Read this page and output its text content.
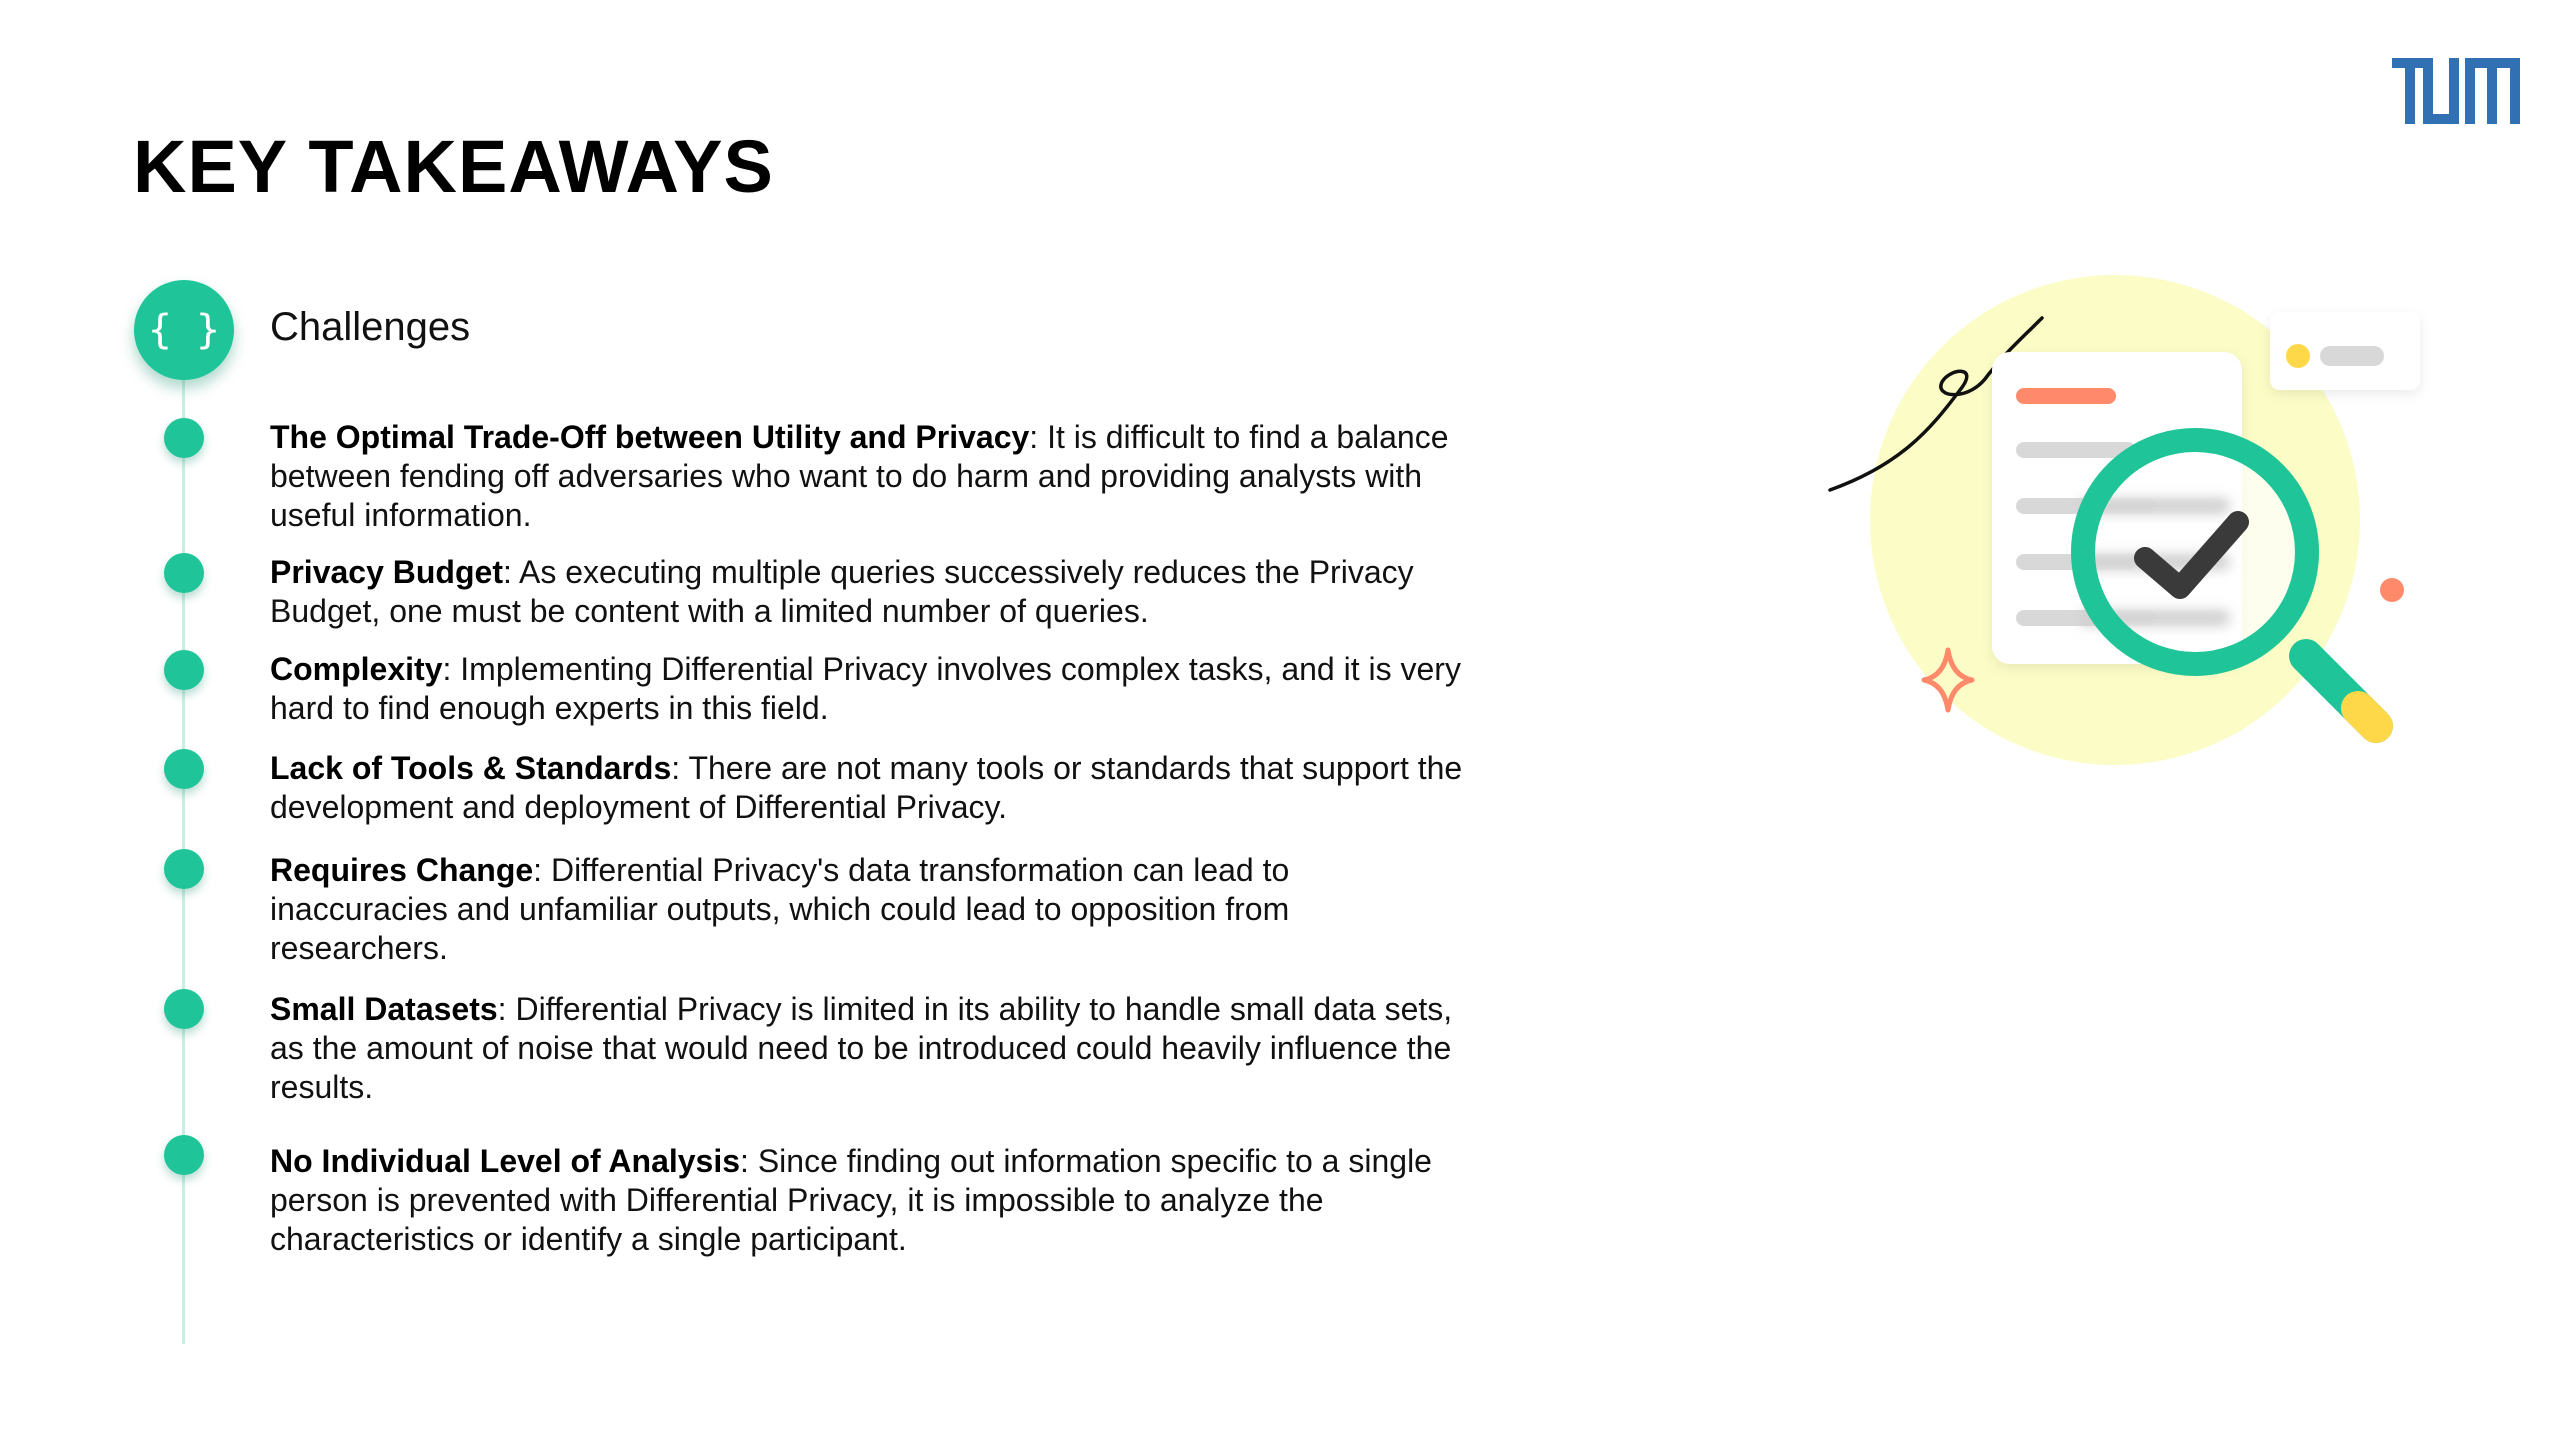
KEY TAKEAWAYS
{ }	Challenges

The Optimal Trade-Off between Utility and Privacy: It is difficult to find a balance between fending off adversaries who want to do harm and providing analysts with useful information.

Privacy Budget: As executing multiple queries successively reduces the Privacy Budget, one must be content with a limited number of queries.

Complexity: Implementing Differential Privacy involves complex tasks, and it is very hard to find enough experts in this field.

Lack of Tools & Standards: There are not many tools or standards that support the development and deployment of Differential Privacy.

Requires Change: Differential Privacy's data transformation can lead to inaccuracies and unfamiliar outputs, which could lead to opposition from researchers.

Small Datasets: Differential Privacy is limited in its ability to handle small data sets, as the amount of noise that would need to be introduced could heavily influence the results.

No Individual Level of Analysis: Since finding out information specific to a single person is prevented with Differential Privacy, it is impossible to analyze the characteristics or identify a single participant.
